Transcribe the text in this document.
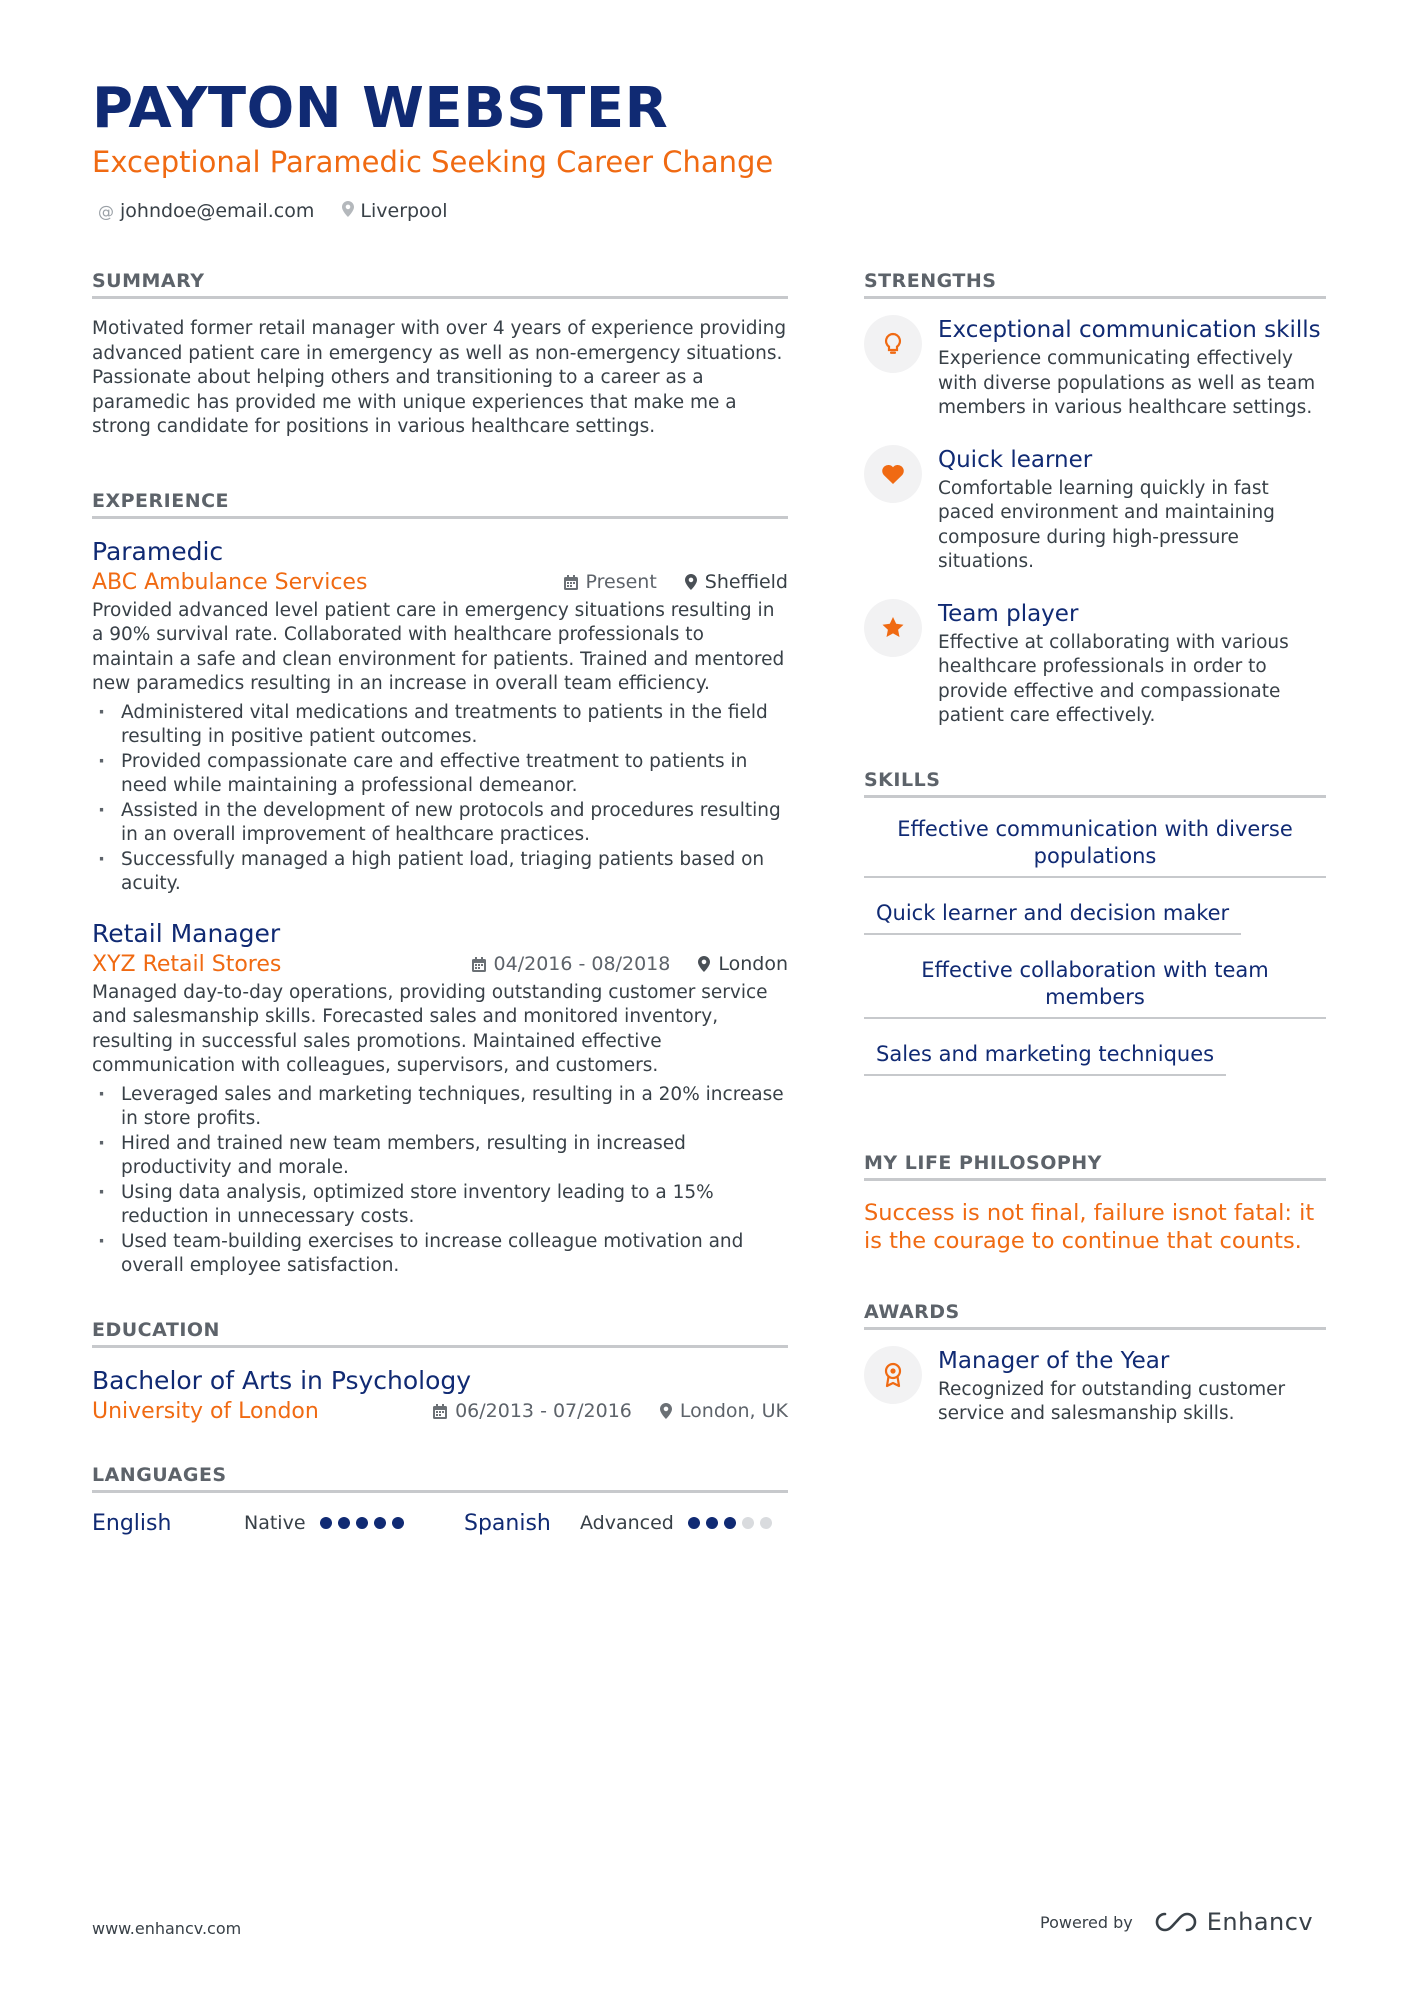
PAYTON WEBSTER
Exceptional Paramedic Seeking Career Change
@ johndoe@email.com Liverpool
SUMMARY

Motivated former retail manager with over 4 years of experience providing advanced patient care in emergency as well as non-emergency situations. Passionate about helping others and transitioning to a career as a paramedic has provided me with unique experiences that make me a strong candidate for positions in various healthcare settings.

EXPERIENCE
Paramedic
ABC Ambulance Services	Present	Sheffield

Provided advanced level patient care in emergency situations resulting in a 90% survival rate. Collaborated with healthcare professionals to maintain a safe and clean environment for patients. Trained and mentored new paramedics resulting in an increase in overall team efficiency.

· Administered vital medications and treatments to patients in the field resulting in positive patient outcomes.
· Provided compassionate care and effective treatment to patients in need while maintaining a professional demeanor.
· Assisted in the development of new protocols and procedures resulting in an overall improvement of healthcare practices.
· Successfully managed a high patient load, triaging patients based on acuity.
Retail Manager
XYZ Retail Stores	04/2016 - 08/2018	London

Managed day-to-day operations, providing outstanding customer service and salesmanship skills. Forecasted sales and monitored inventory, resulting in successful sales promotions. Maintained effective communication with colleagues, supervisors, and customers.

· Leveraged sales and marketing techniques, resulting in a 20% increase in store profits.
· Hired and trained new team members, resulting in increased productivity and morale.
· Using data analysis, optimized store inventory leading to a 15% reduction in unnecessary costs.
· Used team-building exercises to increase colleague motivation and overall employee satisfaction.
EDUCATION
Bachelor of Arts in Psychology
University of London	06/2013 - 07/2016	London, UK
LANGUAGES
English	Native	Spanish	Advanced
STRENGTHS
Exceptional communication skills
Experience communicating effectively with diverse populations as well as team members in various healthcare settings.
Quick learner
Comfortable learning quickly in fast paced environment and maintaining composure during high-pressure situations.
Team player
Effective at collaborating with various healthcare professionals in order to provide effective and compassionate patient care effectively.
SKILLS
Effective communication with diverse populations
Quick learner and decision maker
Effective collaboration with team members
Sales and marketing techniques
MY LIFE PHILOSOPHY

Success is not final, failure isnot fatal: it is the courage to continue that counts.

AWARDS
Manager of the Year
Recognized for outstanding customer service and salesmanship skills.
www.enhancv.com	Powered by	Enhancv
